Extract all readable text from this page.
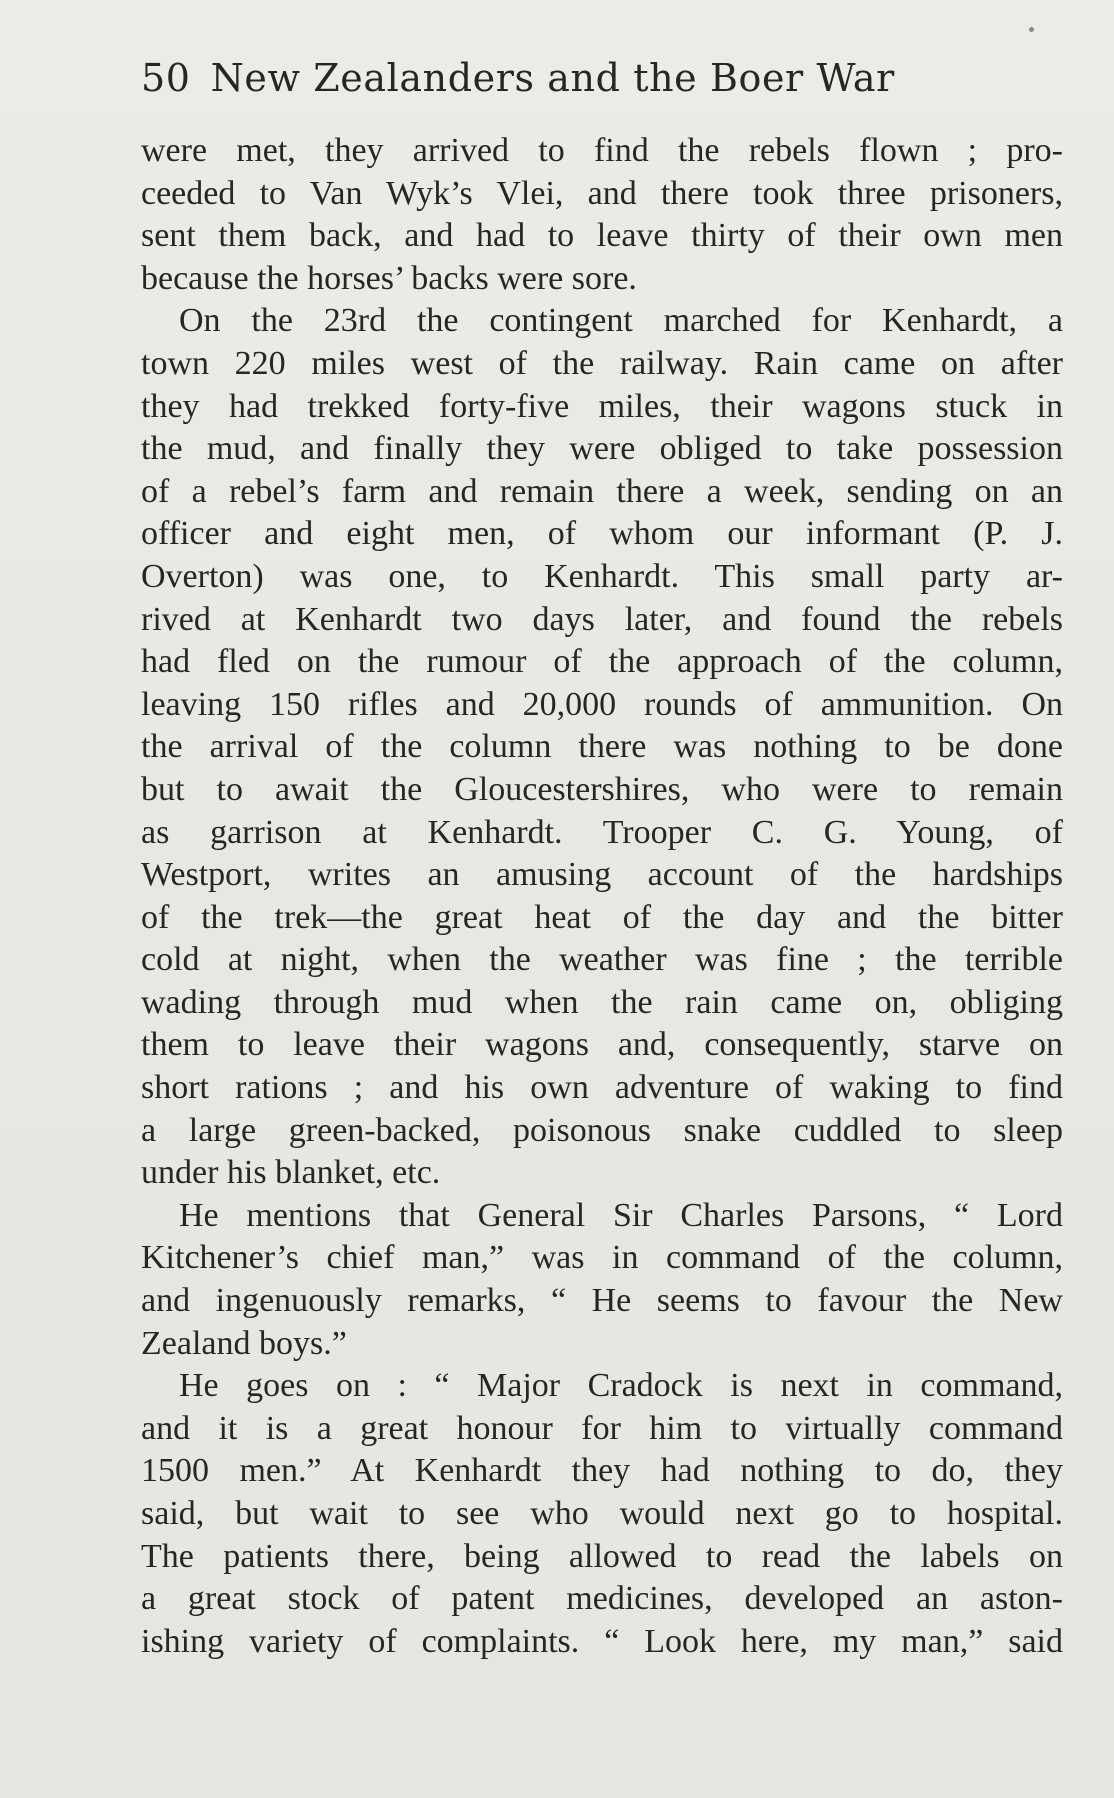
50 New Zealanders and the Boer War
were met, they arrived to find the rebels flown ; pro-
ceeded to Van Wyk’s Vlei, and there took three prisoners,
sent them back, and had to leave thirty of their own men
because the horses’ backs were sore.
On the 23rd the contingent marched for Kenhardt, a
town 220 miles west of the railway. Rain came on after
they had trekked forty-five miles, their wagons stuck in
the mud, and finally they were obliged to take possession
of a rebel’s farm and remain there a week, sending on an
officer and eight men, of whom our informant (P. J.
Overton) was one, to Kenhardt. This small party ar-
rived at Kenhardt two days later, and found the rebels
had fled on the rumour of the approach of the column,
leaving 150 rifles and 20,000 rounds of ammunition. On
the arrival of the column there was nothing to be done
but to await the Gloucestershires, who were to remain
as garrison at Kenhardt. Trooper C. G. Young, of
Westport, writes an amusing account of the hardships
of the trek—the great heat of the day and the bitter
cold at night, when the weather was fine ; the terrible
wading through mud when the rain came on, obliging
them to leave their wagons and, consequently, starve on
short rations ; and his own adventure of waking to find
a large green-backed, poisonous snake cuddled to sleep
under his blanket, etc.
He mentions that General Sir Charles Parsons, “ Lord
Kitchener’s chief man,” was in command of the column,
and ingenuously remarks, “ He seems to favour the New
Zealand boys.”
He goes on : “ Major Cradock is next in command,
and it is a great honour for him to virtually command
1500 men.” At Kenhardt they had nothing to do, they
said, but wait to see who would next go to hospital.
The patients there, being allowed to read the labels on
a great stock of patent medicines, developed an aston-
ishing variety of complaints. “ Look here, my man,” said
